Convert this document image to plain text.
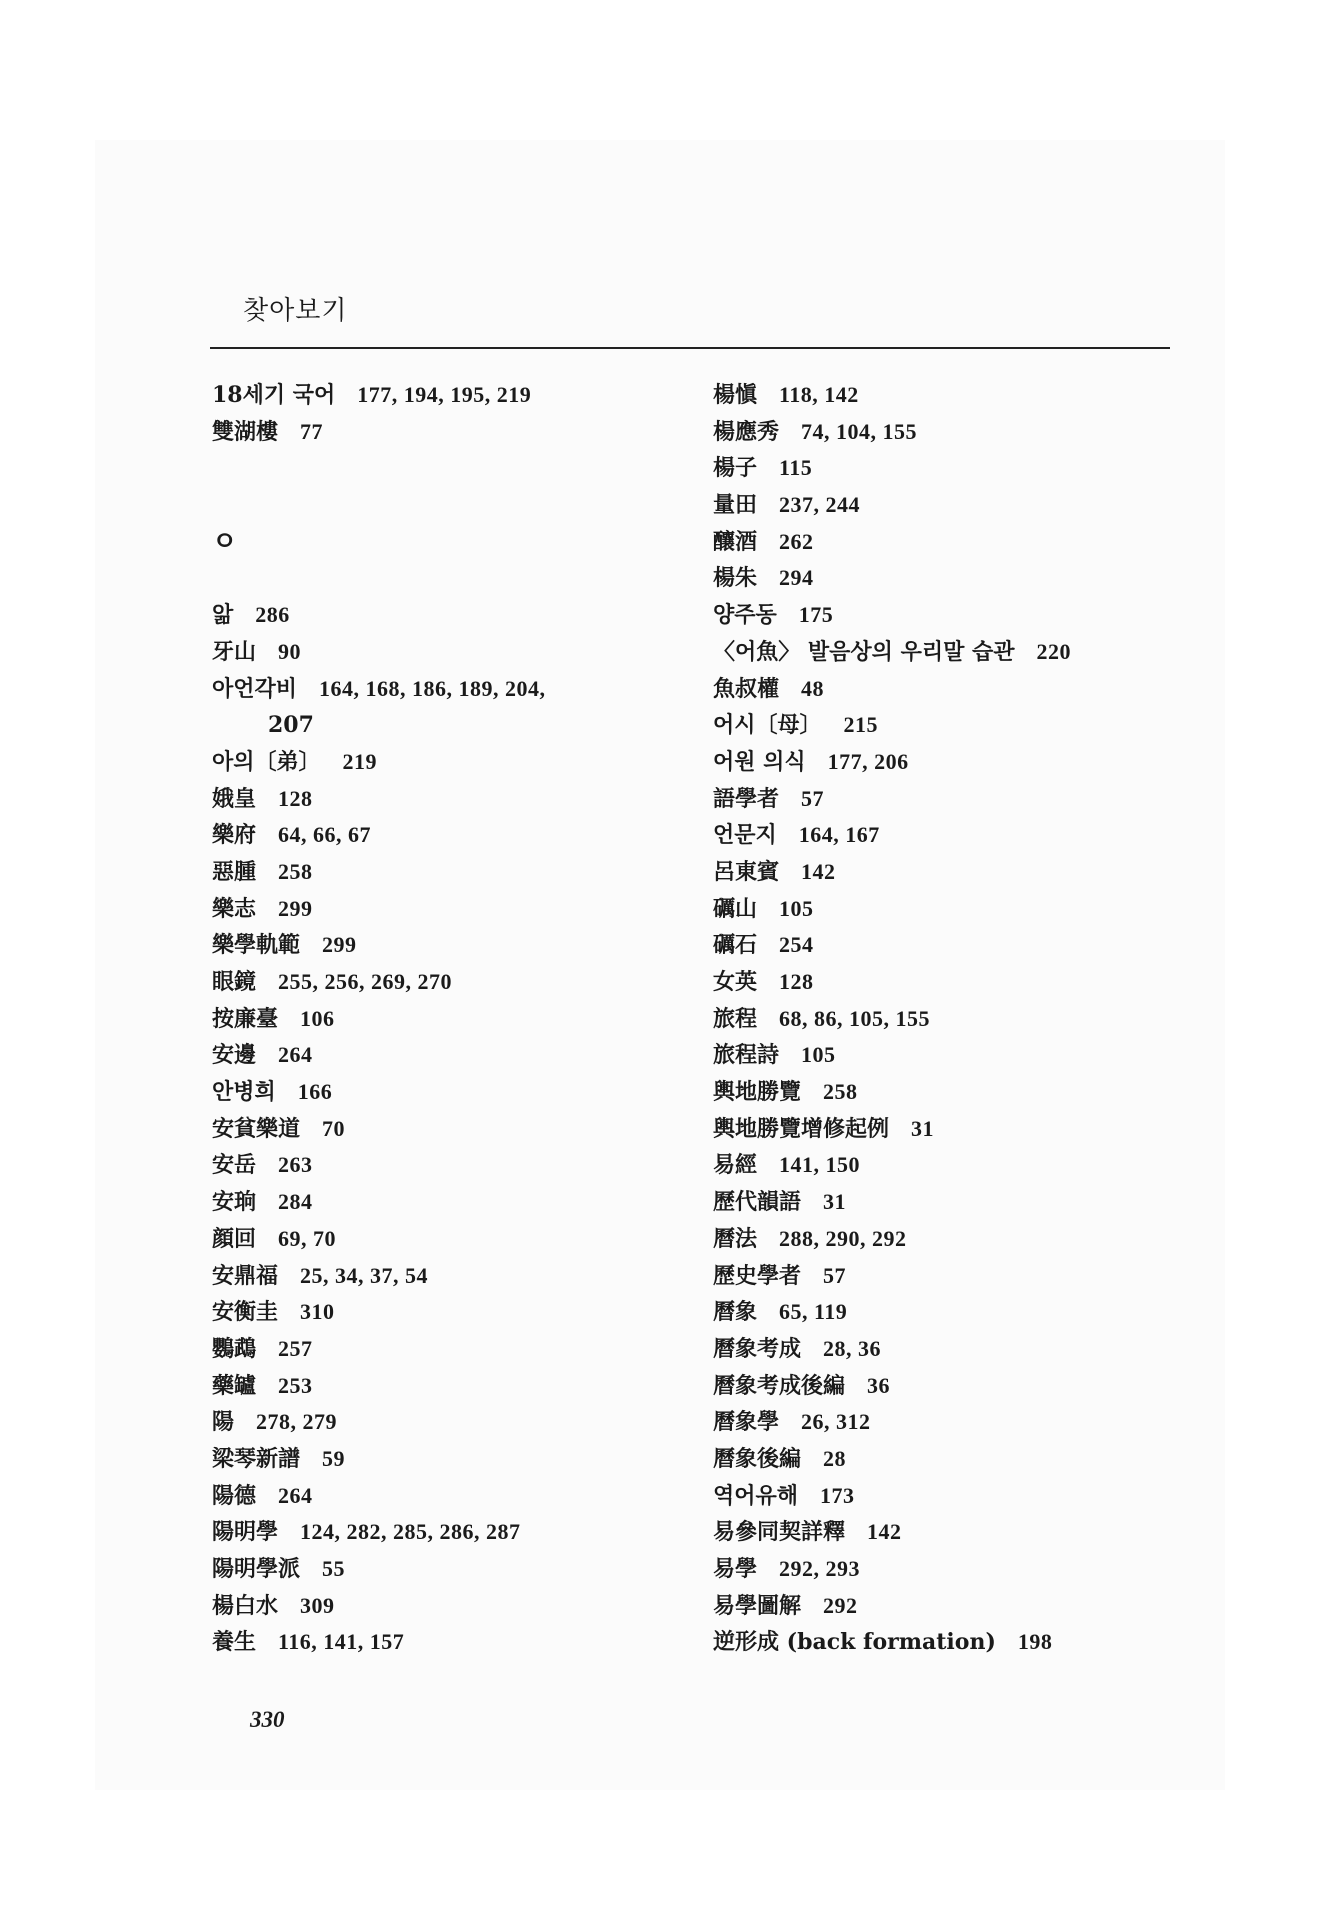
찾아보기
18세기 국어 177, 194, 195, 219
雙湖樓 77
ㅇ
앎 286
牙山 90
아언각비 164, 168, 186, 189, 204,
207
아의〔弟〕 219
娥皇 128
樂府 64, 66, 67
惡腫 258
樂志 299
樂學軌範 299
眼鏡 255, 256, 269, 270
按廉臺 106
安邊 264
안병희 166
安貧樂道 70
安岳 263
安珦 284
顔回 69, 70
安鼎福 25, 34, 37, 54
安衡圭 310
鸚鵡 257
藥罏 253
陽 278, 279
梁琴新譜 59
陽德 264
陽明學 124, 282, 285, 286, 287
陽明學派 55
楊白水 309
養生 116, 141, 157
楊愼 118, 142
楊應秀 74, 104, 155
楊子 115
量田 237, 244
釀酒 262
楊朱 294
양주동 175
〈어魚〉 발음상의 우리말 습관 220
魚叔權 48
어시〔母〕 215
어원 의식 177, 206
語學者 57
언문지 164, 167
呂東賓 142
礪山 105
礪石 254
女英 128
旅程 68, 86, 105, 155
旅程詩 105
輿地勝覽 258
輿地勝覽增修起例 31
易經 141, 150
歷代韻語 31
曆法 288, 290, 292
歷史學者 57
曆象 65, 119
曆象考成 28, 36
曆象考成後編 36
曆象學 26, 312
曆象後編 28
역어유해 173
易參同契詳釋 142
易學 292, 293
易學圖解 292
逆形成 (back formation) 198

330
